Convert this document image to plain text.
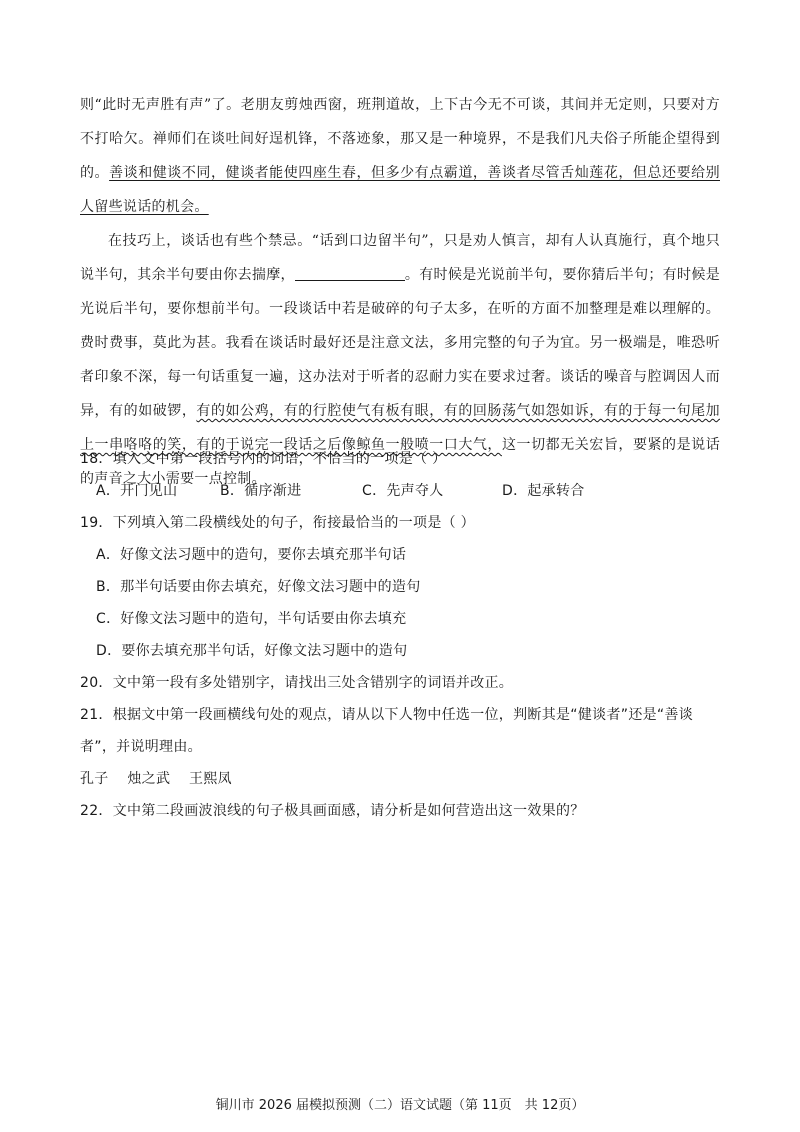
则“此时无声胜有声”了。老朋友剪烛西窗，班荆道故，上下古今无不可谈，其间并无定则，只要对方不打哈欠。禅师们在谈吐间好逞机锋，不落迹象，那又是一种境界，不是我们凡夫俗子所能企望得到的。善谈和健谈不同，健谈者能使四座生春，但多少有点霸道，善谈者尽管舌灿莲花，但总还要给别人留些说话的机会。

在技巧上，谈话也有些个禁忌。“话到口边留半句”，只是劝人慎言，却有人认真施行，真个地只说半句，其余半句要由你去揣摩，	。有时候是光说前半句，要你猜后半句；有时候是光说后半句，要你想前半句。一段谈话中若是破碎的句子太多，在听的方面不加整理是难以理解的。费时费事，莫此为甚。我看在谈话时最好还是注意文法，多用完整的句子为宜。另一极端是，唯恐听者印象不深，每一句话重复一遍，这办法对于听者的忍耐力实在要求过奢。谈话的噪音与腔调因人而异，有的如破锣，有的如公鸡，有的行腔使气有板有眼，有的回肠荡气如怨如诉，有的于每一句尾加上一串咯咯的笑，有的于说完一段话之后像鲸鱼一般喷一口大气，这一切都无关宏旨，要紧的是说话的声音之大小需要一点控制。

18．填入文中第一段括号内的词语，不恰当的一项是（ ）

A．开门见山	B．循序渐进	C．先声夺人	D．起承转合

19．下列填入第二段横线处的句子，衔接最恰当的一项是（ ）

A．好像文法习题中的造句，要你去填充那半句话

B．那半句话要由你去填充，好像文法习题中的造句

C．好像文法习题中的造句，半句话要由你去填充

D．要你去填充那半句话，好像文法习题中的造句

20．文中第一段有多处错别字，请找出三处含错别字的词语并改正。

21．根据文中第一段画横线句处的观点，请从以下人物中任选一位，判断其是“健谈者”还是“善谈者”，并说明理由。

孔子 烛之武 王熙凤

22．文中第二段画波浪线的句子极具画面感，请分析是如何营造出这一效果的？

铜川市 2026 届模拟预测（二）语文试题（第 11页　共 12页）
